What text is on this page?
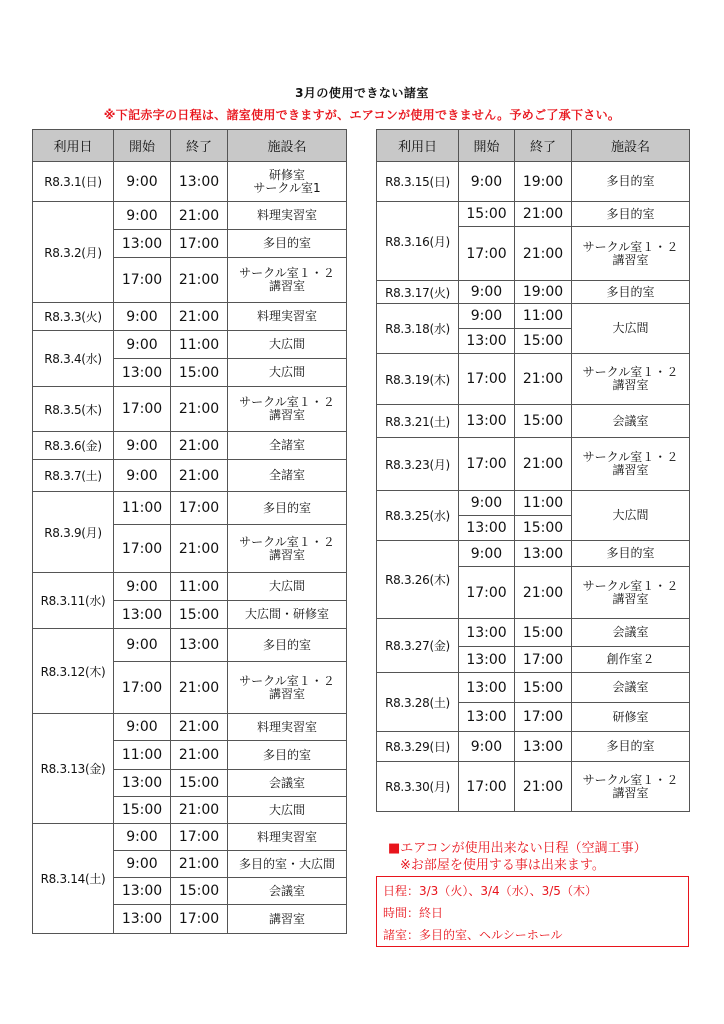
3月の使用できない諸室
※下記赤字の日程は、諸室使用できますが、エアコンが使用できません。予めご了承下さい。
利用日	開始	終了	施設名
R8.3.1(日)	9:00	13:00	研修室
サークル室1
R8.3.2(月)	9:00	21:00	料理実習室
	13:00	17:00	多目的室
	17:00	21:00	サークル室１・２
講習室
R8.3.3(火)	9:00	21:00	料理実習室
R8.3.4(水)	9:00	11:00	大広間
	13:00	15:00	大広間
R8.3.5(木)	17:00	21:00	サークル室１・２
講習室
R8.3.6(金)	9:00	21:00	全諸室
R8.3.7(土)	9:00	21:00	全諸室
R8.3.9(月)	11:00	17:00	多目的室
	17:00	21:00	サークル室１・２
講習室
R8.3.11(水)	9:00	11:00	大広間
	13:00	15:00	大広間・研修室
R8.3.12(木)	9:00	13:00	多目的室
	17:00	21:00	サークル室１・２
講習室
R8.3.13(金)	9:00	21:00	料理実習室
	11:00	21:00	多目的室
	13:00	15:00	会議室
	15:00	21:00	大広間
R8.3.14(土)	9:00	17:00	料理実習室
	9:00	21:00	多目的室・大広間
	13:00	15:00	会議室
	13:00	17:00	講習室
利用日	開始	終了	施設名
R8.3.15(日)	9:00	19:00	多目的室
R8.3.16(月)	15:00	21:00	多目的室
	17:00	21:00	サークル室１・２
講習室
R8.3.17(火)	9:00	19:00	多目的室
R8.3.18(水)	9:00	11:00	大広間
	13:00	15:00	
R8.3.19(木)	17:00	21:00	サークル室１・２
講習室
R8.3.21(土)	13:00	15:00	会議室
R8.3.23(月)	17:00	21:00	サークル室１・２
講習室
R8.3.25(水)	9:00	11:00	大広間
	13:00	15:00	
R8.3.26(木)	9:00	13:00	多目的室
	17:00	21:00	サークル室１・２
講習室
R8.3.27(金)	13:00	15:00	会議室
	13:00	17:00	創作室２
R8.3.28(土)	13:00	15:00	会議室
	13:00	17:00	研修室
R8.3.29(日)	9:00	13:00	多目的室
R8.3.30(月)	17:00	21:00	サークル室１・２
講習室
■エアコンが使用出来ない日程（空調工事）
※お部屋を使用する事は出来ます。
日程：3/3（火）、3/4（水）、3/5（木）
時間：終日
諸室：多目的室、ヘルシーホール
